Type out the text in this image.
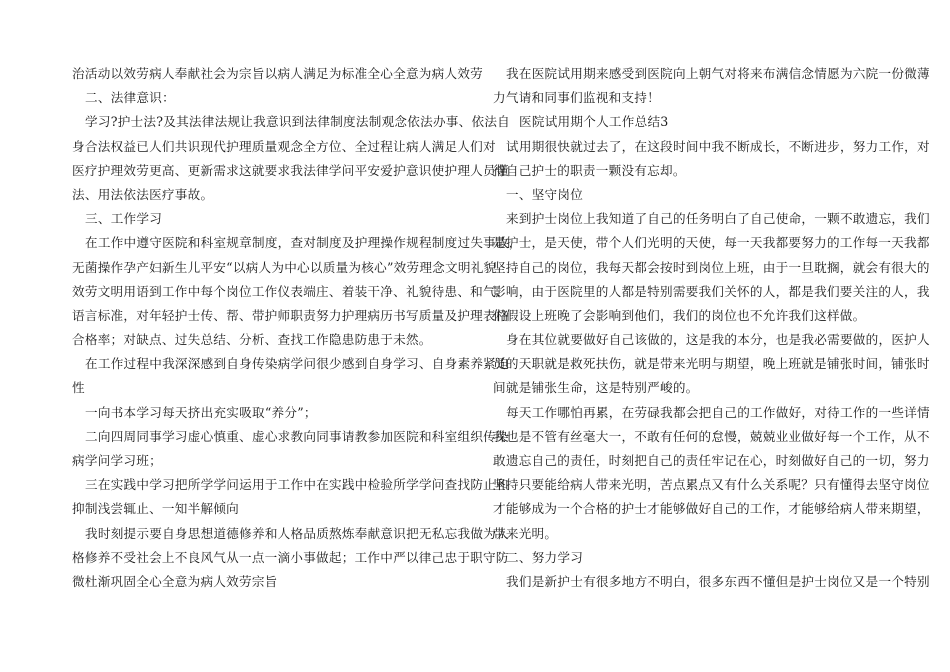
治活动以效劳病人奉献社会为宗旨以病人满足为标准全心全意为病人效劳
二、法律意识：
学习?护士法?及其法律法规让我意识到法律制度法制观念依法办事、依法自
身合法权益已人们共识现代护理质量观念全方位、全过程让病人满足人们对
医疗护理效劳更高、更新需求这就要求我法律学问平安爱护意识使护理人员懂
法、用法依法医疗事故。
三、工作学习
在工作中遵守医院和科室规章制度，查对制度及护理操作规程制度过失事故，
无菌操作孕产妇新生儿平安“以病人为中心以质量为核心”效劳理念文明礼貌
效劳文明用语到工作中每个岗位工作仪表端庄、着装干净、礼貌待患、和气、
语言标准，对年轻护士传、帮、带护师职责努力护理病历书写质量及护理表格
合格率；对缺点、过失总结、分析、查找工作隐患防患于未然。
在工作过程中我深深感到自身传染病学问很少感到自身学习、自身素养紧迫
性
一向书本学习每天挤出充实吸取“养分”；
二向四周同事学习虚心慎重、虚心求教向同事请教参加医院和科室组织传染
病学问学习班；
三在实践中学习把所学学问运用于工作中在实践中检验所学学问查找防止和
抑制浅尝辄止、一知半解倾向
我时刻提示要自身思想道德修养和人格品质熬炼奉献意识把无私忘我做为人
格修养不受社会上不良风气从一点一滴小事做起；工作中严以律己忠于职守防
微杜渐巩固全心全意为病人效劳宗旨
我在医院试用期来感受到医院向上朝气对将来布满信念情愿为六院一份微薄
力气请和同事们监视和支持！
医院试用期个人工作总结3
试用期很快就过去了，在这段时间中我不断成长，不断进步，努力工作，对
待自己护士的职责一颗没有忘却。
一、坚守岗位
来到护士岗位上我知道了自己的任务明白了自己使命，一颗不敢遗忘，我们
是护士，是天使，带个人们光明的天使，每一天我都要努力的工作每一天我都
坚持自己的岗位，我每天都会按时到岗位上班，由于一旦耽搁，就会有很大的
影响，由于医院里的人都是特别需要我们关怀的人，都是我们要关注的人，我
们假设上班晚了会影响到他们，我们的岗位也不允许我们这样做。
身在其位就要做好自己该做的，这是我的本分，也是我必需要做的，医护人
员的天职就是救死扶伤，就是带来光明与期望，晚上班就是铺张时间，铺张时
间就是铺张生命，这是特别严峻的。
每天工作哪怕再累，在劳碌我都会把自己的工作做好，对待工作的一些详情
我也是不管有丝毫大一，不敢有任何的怠慢，兢兢业业做好每一个工作，从不
敢遗忘自己的责任，时刻把自己的责任牢记在心，时刻做好自己的一切，努力
坚持只要能给病人带来光明，苦点累点又有什么关系呢？只有懂得去坚守岗位
才能够成为一个合格的护士才能够做好自己的工作，才能够给病人带来期望，
带来光明。
二、努力学习
我们是新护士有很多地方不明白，很多东西不懂但是护士岗位又是一个特别
